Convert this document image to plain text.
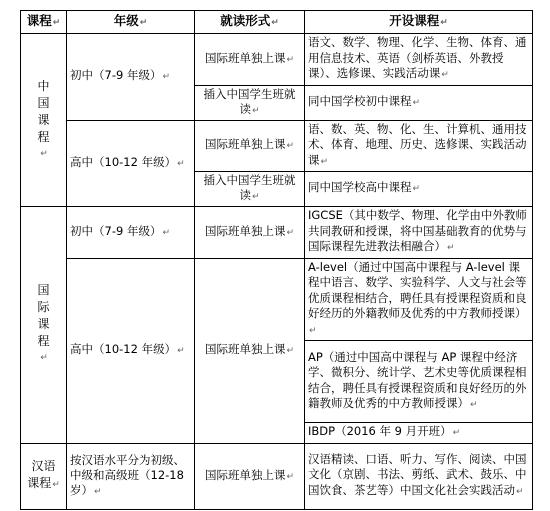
课程↵	年级↵	就读形式↵	开设课程↵

中
国
课
程
↵	初中（7-9 年级）↵	国际班单独上课↵	语文、数学、物理、化学、生物、体育、通用信息技术、英语（剑桥英语、外教授课）、选修课、实践活动课↵
		插入中国学生班就读↵	同中国学校初中课程↵
	高中（10-12 年级）↵	国际班单独上课↵	语、数、英、物、化、生、计算机、通用技术、体育、地理、历史、选修课、实践活动课↵
		插入中国学生班就读↵	同中国学校高中课程↵

国
际
课
程
↵	初中（7-9 年级）↵	国际班单独上课↵	IGCSE（其中数学、物理、化学由中外教师共同教研和授课，将中国基础教育的优势与国际课程先进教法相融合）↵
	高中（10-12 年级）↵	国际班单独上课↵	A-level（通过中国高中课程与 A-level 课程中语言、数学、实验科学、人文与社会等优质课程相结合，聘任具有授课程资质和良好经历的外籍教师及优秀的中方教师授课）↵
			AP（通过中国高中课程与 AP 课程中经济学、微积分、统计学、艺术史等优质课程相结合，聘任具有授课程资质和良好经历的外籍教师及优秀的中方教师授课）↵
			IBDP（2016 年 9 月开班）↵
汉语
课程↵	按汉语水平分为初级、中级和高级班（12-18 岁）↵	国际班单独上课↵	汉语精读、口语、听力、写作、阅读、中国文化（京剧、书法、剪纸、武术、鼓乐、中国饮食、茶艺等）中国文化社会实践活动↵
